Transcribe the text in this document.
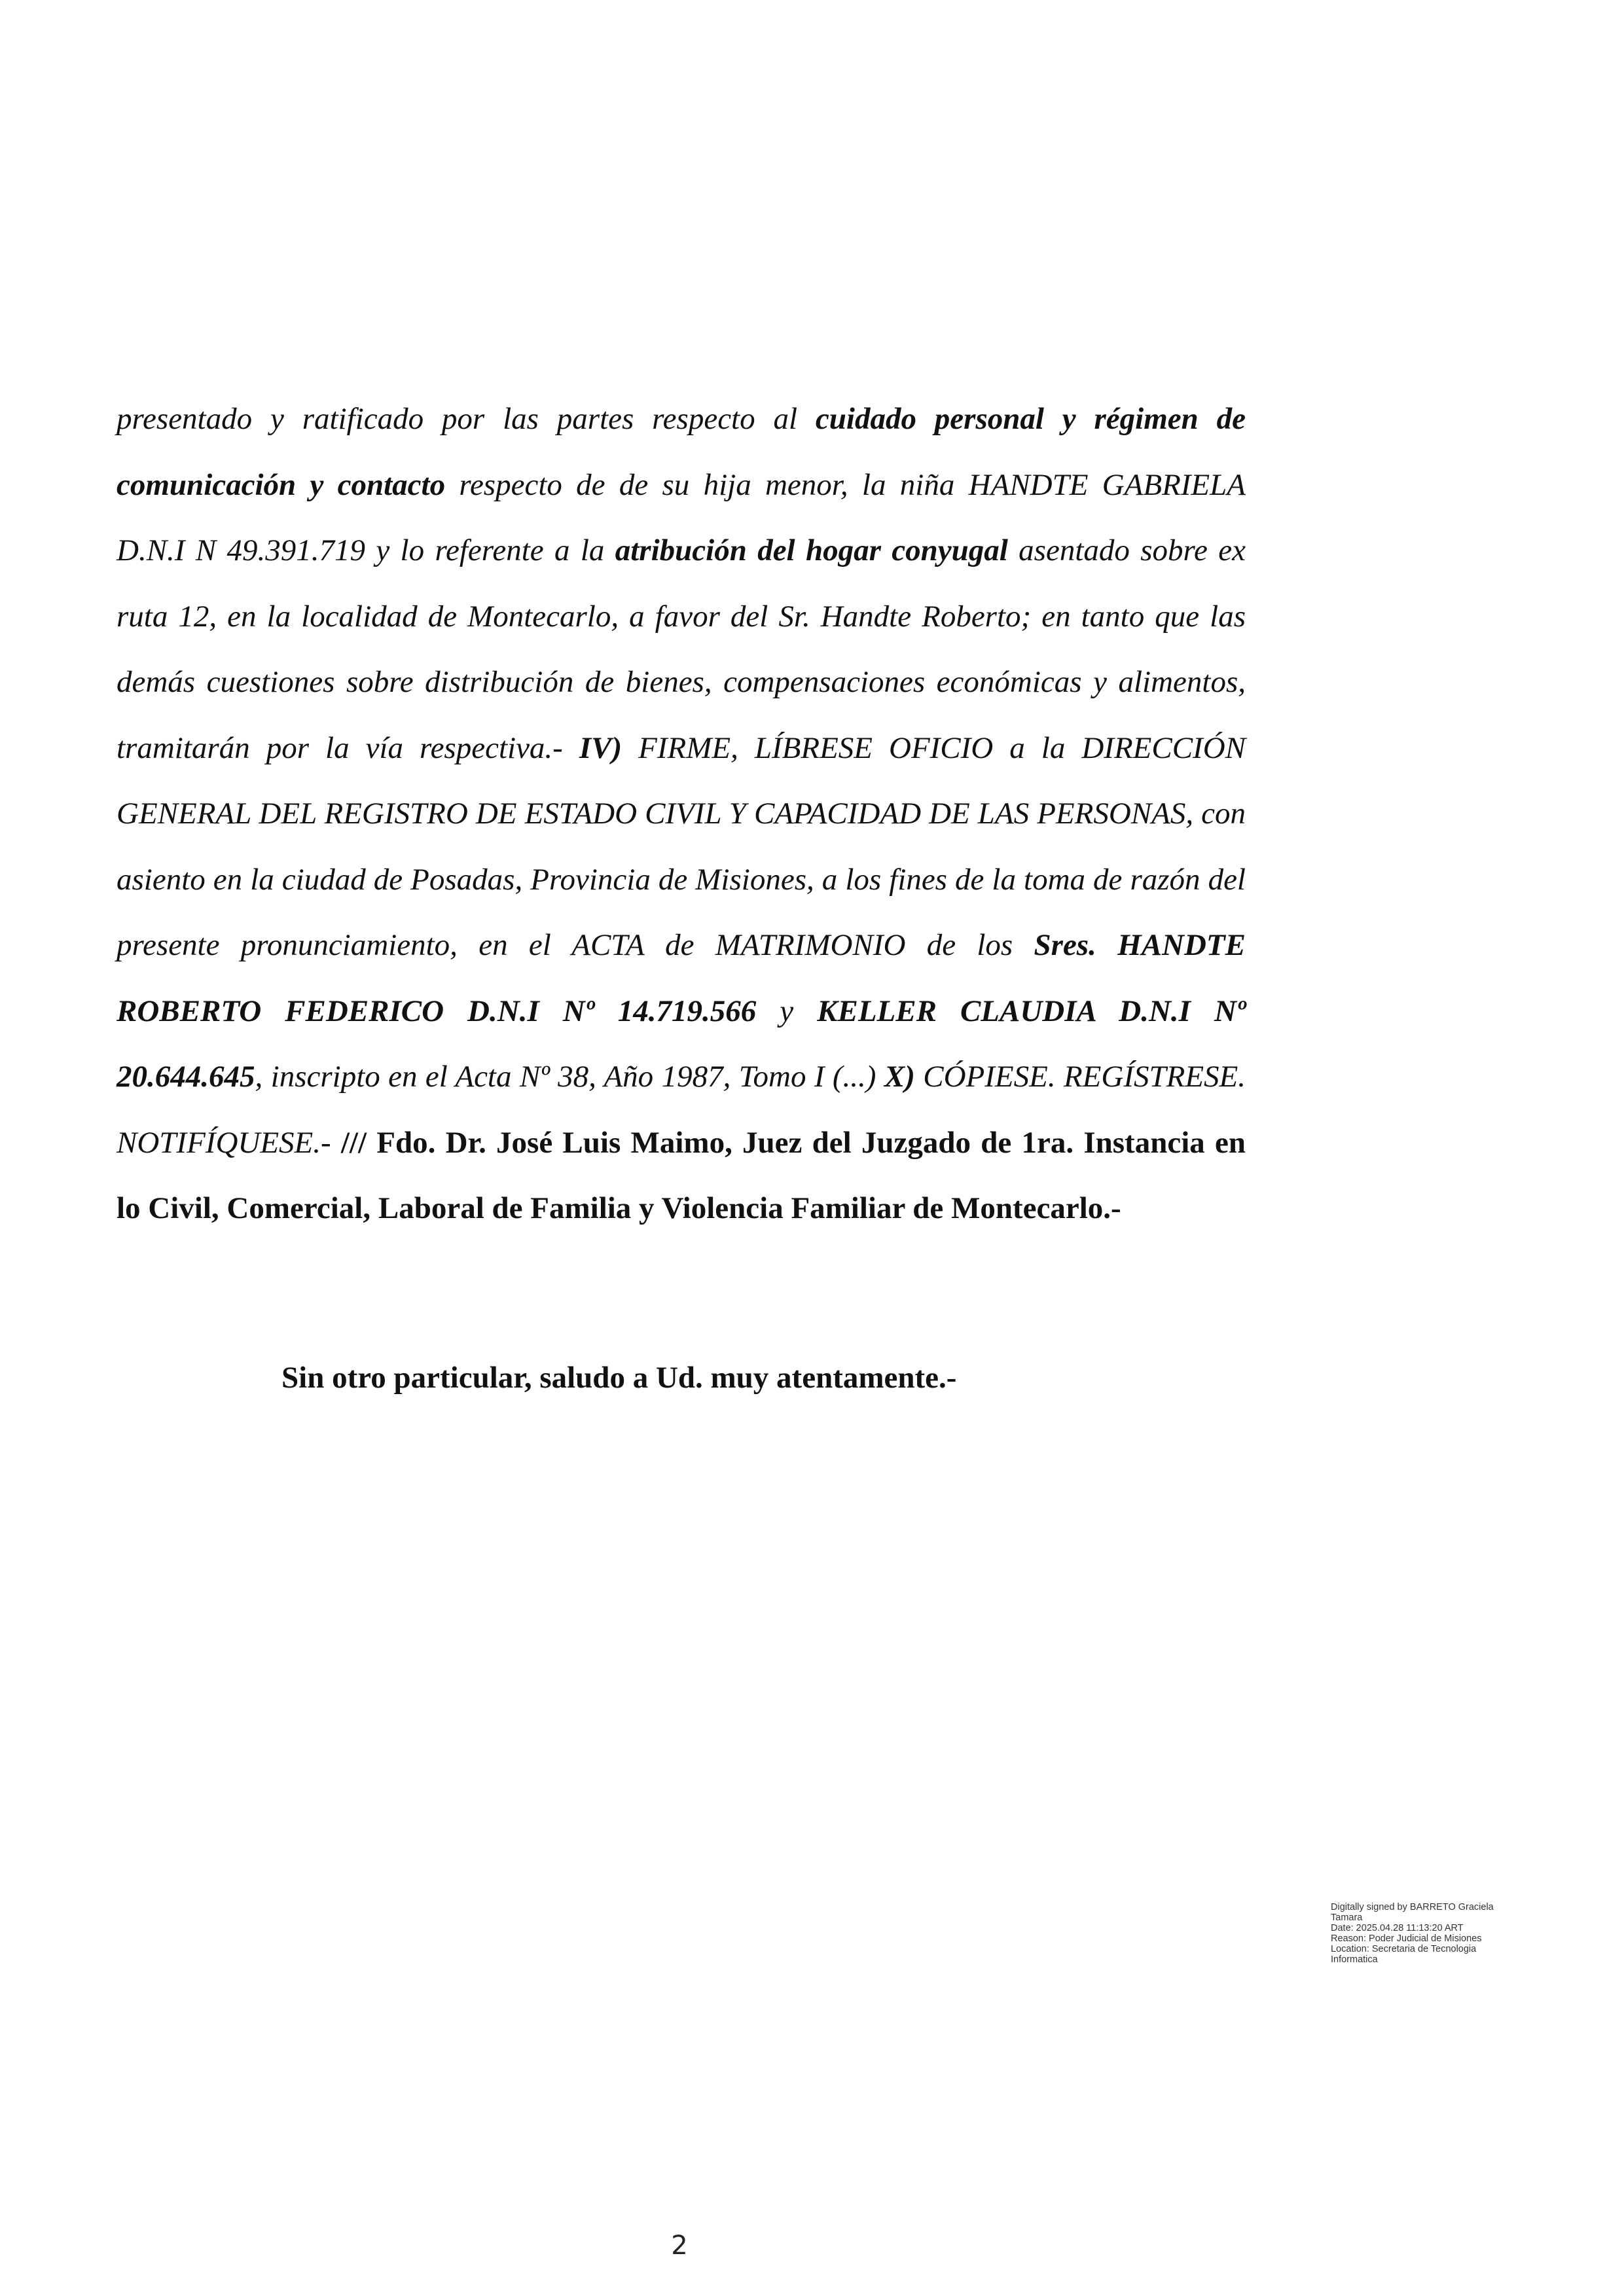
presentado y ratificado por las partes respecto al cuidado personal y régimen de comunicación y contacto respecto de de su hija menor, la niña HANDTE GABRIELA D.N.I N 49.391.719 y lo referente a la atribución del hogar conyugal asentado sobre ex ruta 12, en la localidad de Montecarlo, a favor del Sr. Handte Roberto; en tanto que las demás cuestiones sobre distribución de bienes, compensaciones económicas y alimentos, tramitarán por la vía respectiva.- IV) FIRME, LÍBRESE OFICIO a la DIRECCIÓN GENERAL DEL REGISTRO DE ESTADO CIVIL Y CAPACIDAD DE LAS PERSONAS, con asiento en la ciudad de Posadas, Provincia de Misiones, a los fines de la toma de razón del presente pronunciamiento, en el ACTA de MATRIMONIO de los Sres. HANDTE ROBERTO FEDERICO D.N.I Nº 14.719.566 y KELLER CLAUDIA D.N.I Nº 20.644.645, inscripto en el Acta Nº 38, Año 1987, Tomo I (...) X) CÓPIESE. REGÍSTRESE. NOTIFÍQUESE.- /// Fdo. Dr. José Luis Maimo, Juez del Juzgado de 1ra. Instancia en lo Civil, Comercial, Laboral de Familia y Violencia Familiar de Montecarlo.-

Sin otro particular, saludo a Ud. muy atentamente.-

Digitally signed by BARRETO Graciela Tamara
Date: 2025.04.28 11:13:20 ART
Reason: Poder Judicial de Misiones
Location: Secretaria de Tecnologia Informatica

2
